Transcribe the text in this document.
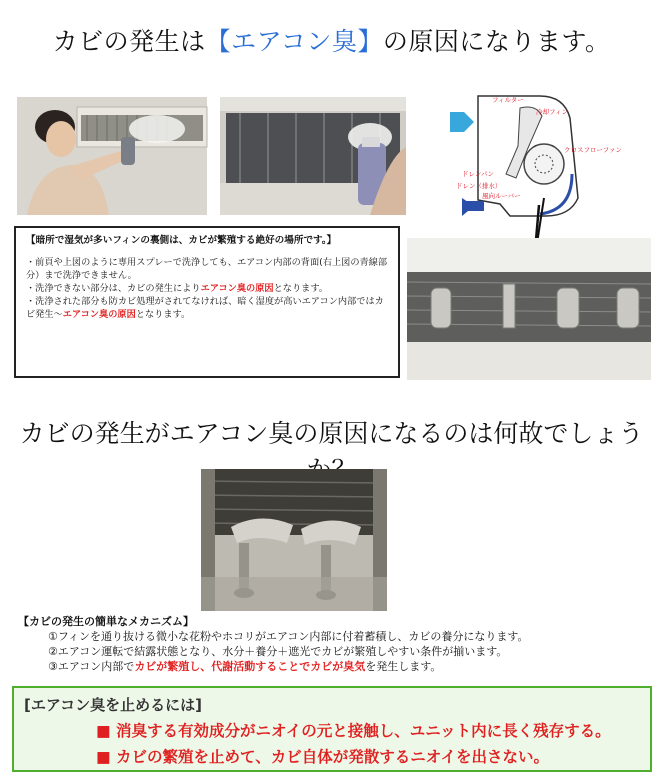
カビの発生は【エアコン臭】の原因になります。
フィルター
冷却フィン
クロスフローファン
ドレンパン
ドレン（排水）
風向ルーバー

【暗所で湿気が多いフィンの裏側は、カビが繁殖する絶好の場所です。】

・前頁や上図のように専用スプレーで洗浄しても、エアコン内部の背面(右上図の青線部分）まで洗浄できません。

・洗浄できない部分は、カビの発生によりエアコン臭の原因となります。

・洗浄された部分も防カビ処理がされてなければ、暗く湿度が高いエアコン内部ではカビ発生～エアコン臭の原因となります。

カビの発生がエアコン臭の原因になるのは何故でしょう
【カビの発生の簡単なメカニズム】
①フィンを通り抜ける微小な花粉やホコリがエアコン内部に付着蓄積し、カビの養分になります。
②エアコン運転で結露状態となり、水分＋養分＋遮光でカビが繁殖しやすい条件が揃います。
③エアコン内部でカビが繁殖し、代謝活動することでカビが臭気を発生します。
[エアコン臭を止めるには]
■ 消臭する有効成分がニオイの元と接触し、ユニット内に長く残存する。
■ カビの繁殖を止めて、カビ自体が発散するニオイを出さない。
